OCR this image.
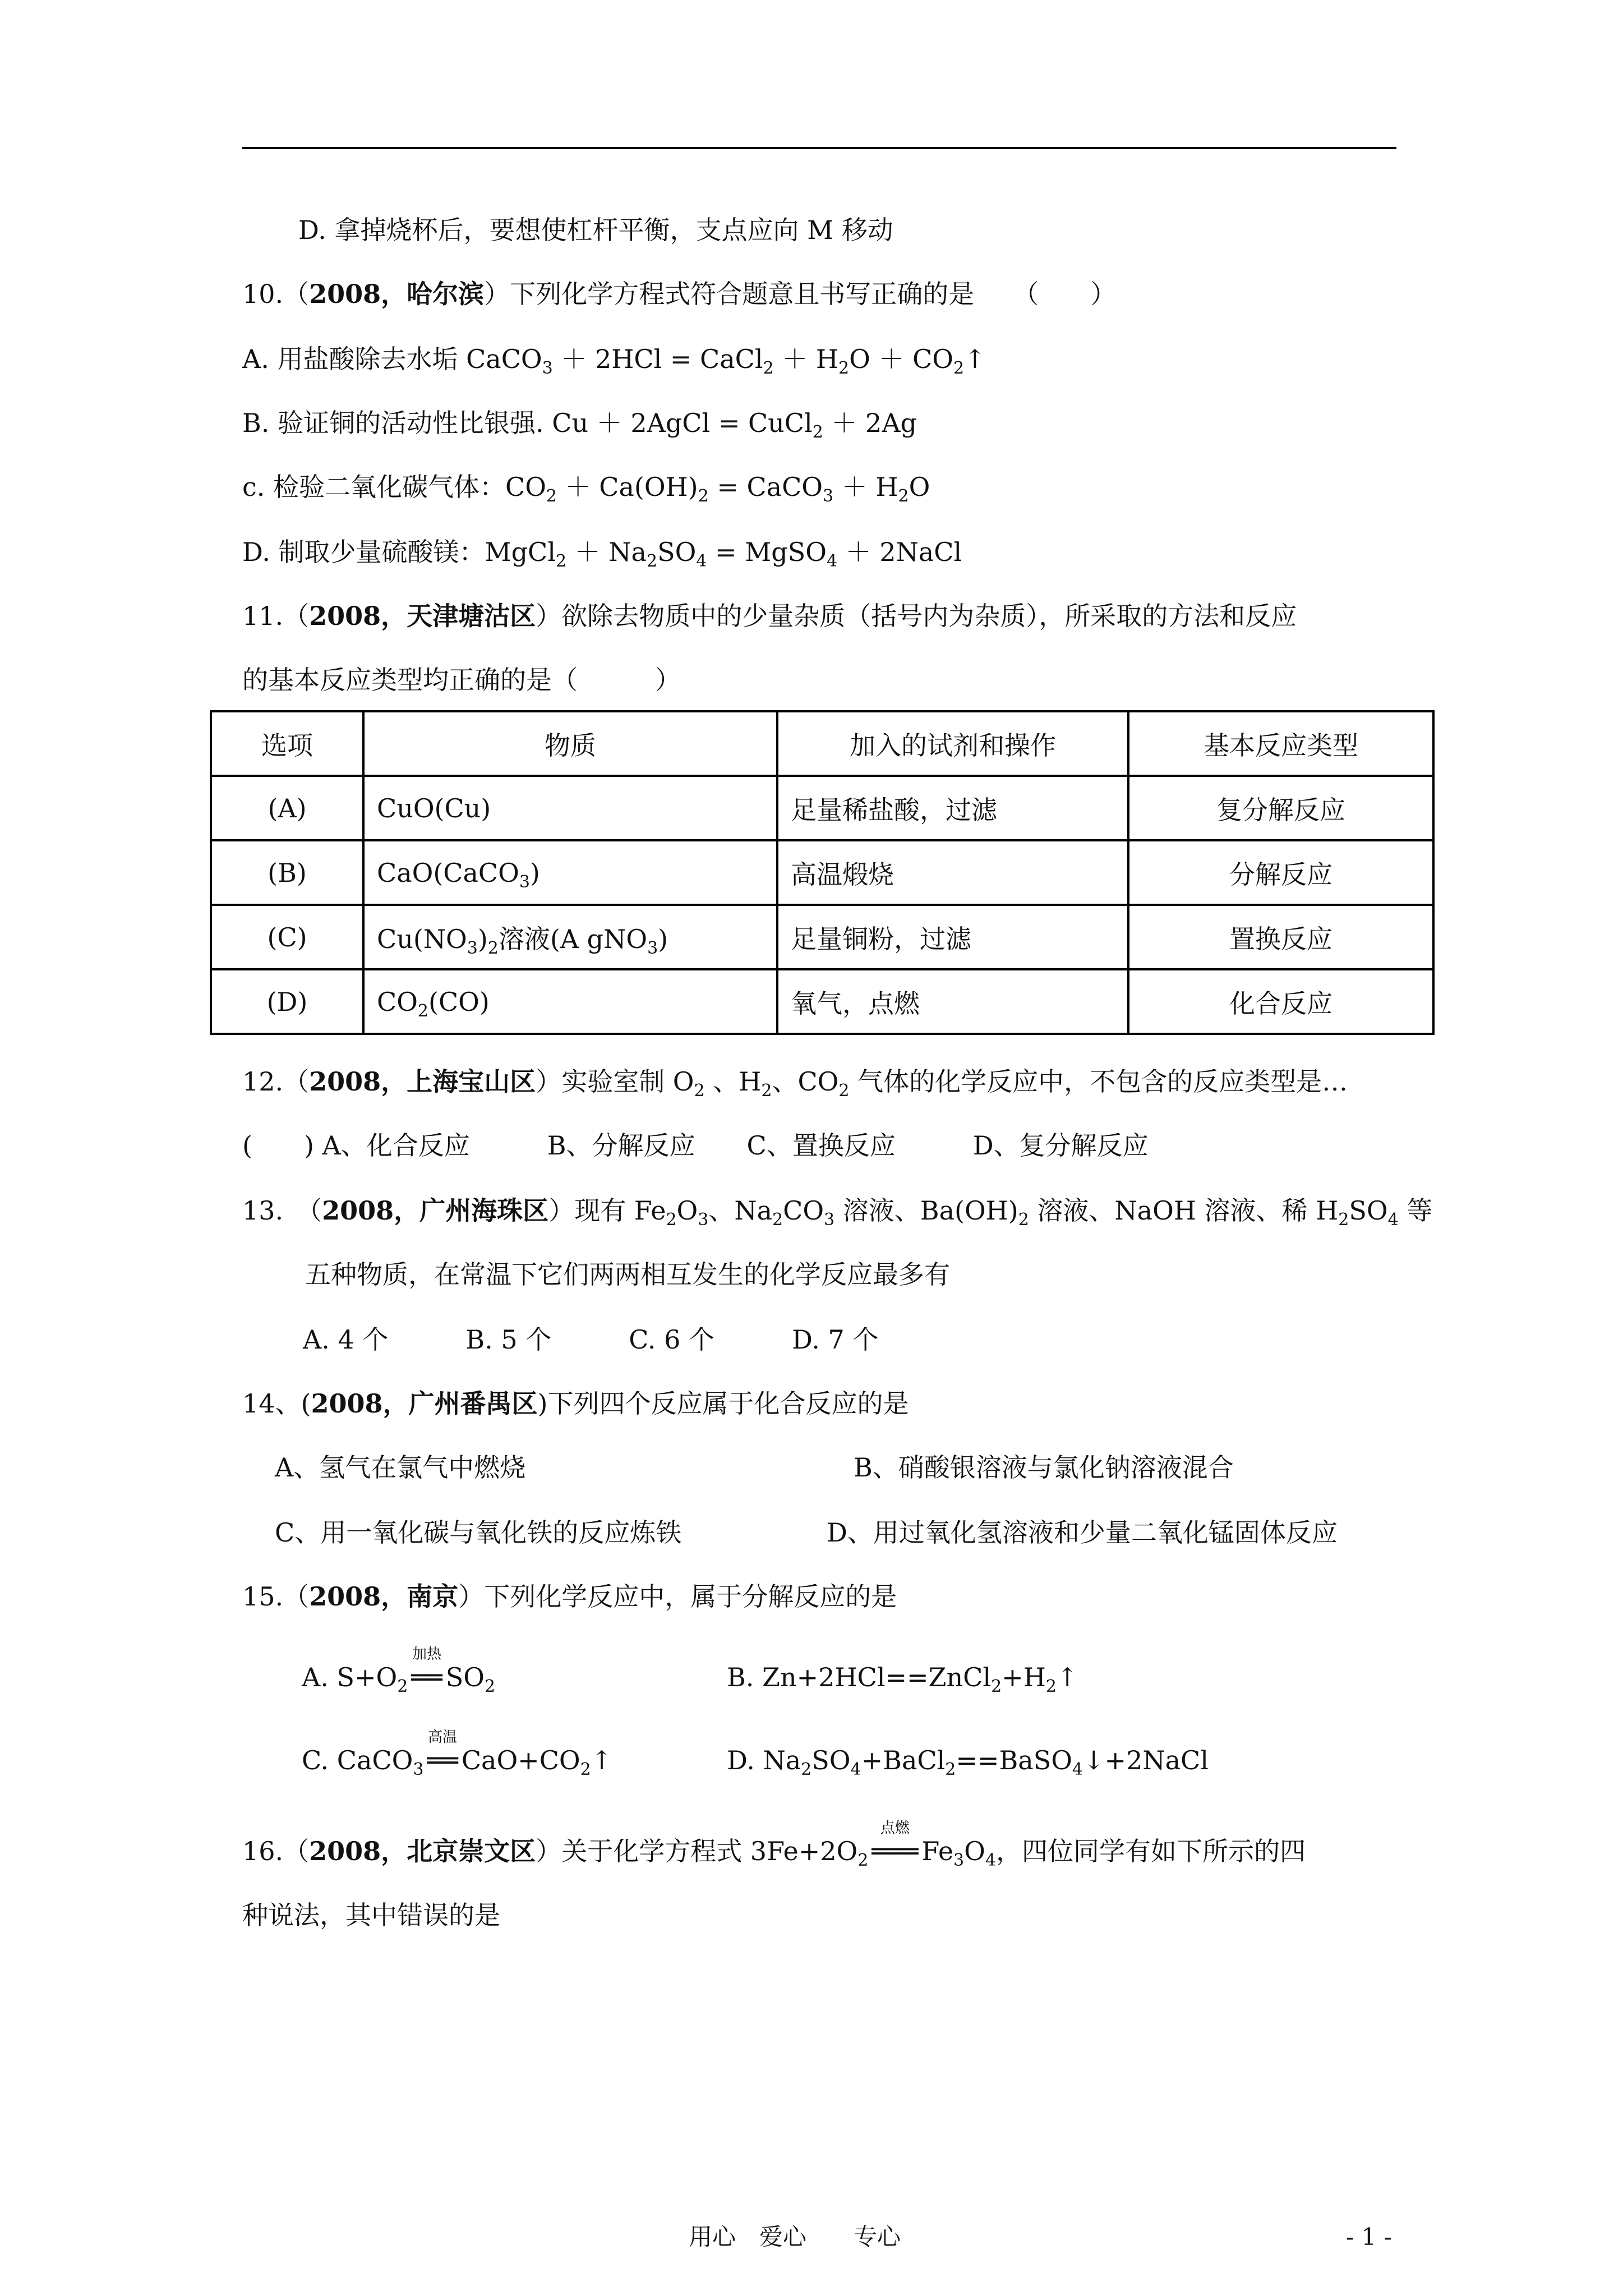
D. 拿掉烧杯后，要想使杠杆平衡，支点应向 M 移动
10.（2008，哈尔滨）下列化学方程式符合题意且书写正确的是　　（　　）
A. 用盐酸除去水垢 CaCO$_3$ ＋ 2HCl = CaCl$_2$ ＋ $H_2O$ ＋ $CO_2↑$
B. 验证铜的活动性比银强. Cu ＋ 2AgCl = CuCl$_2$ ＋ 2Ag
c. 检验二氧化碳气体：$CO_2 + Ca(OH)_2$ = CaCO$_3$ ＋ $H_2O$
D. 制取少量硫酸镁：MgCl$_2$ ＋ $Na_2SO_4$ = MgSO$_4$ ＋ 2NaCl
11.（2008，天津塘沽区）欲除去物质中的少量杂质（括号内为杂质），所采取的方法和反应
的基本反应类型均正确的是（　　　）
选项	物质	加入的试剂和操作	基本反应类型
(A)	CuO(Cu)	足量稀盐酸，过滤	复分解反应
(B)	CaO(CaCO$_3$)	高温煅烧	分解反应
(C)	$Cu(NO_3)_2$溶液(A gNO$_3$)	足量铜粉，过滤	置换反应
(D)	$CO_2(CO)$	氧气，点燃	化合反应
12.（2008，上海宝山区）实验室制 $O_2$ 、$H_2$、$CO_2$ 气体的化学反应中，不包含的反应类型是…
(　　) A、化合反应　　　B、分解反应　　C、置换反应　　　D、复分解反应
13.　（2008，广州海珠区）现有 $Fe_2O_3$、$Na_2CO_3$ 溶液、$Ba(OH)_2$ 溶液、NaOH 溶液、稀 $H_2SO_4$ 等
五种物质，在常温下它们两两相互发生的化学反应最多有
A. 4 个　　　B. 5 个　　　C. 6 个　　　D. 7 个
14、(2008，广州番禺区)下列四个反应属于化合反应的是
A、氢气在氯气中燃烧	B、硝酸银溶液与氯化钠溶液混合
C、用一氧化碳与氧化铁的反应炼铁	D、用过氧化氢溶液和少量二氧化锰固体反应
15.（2008，南京）下列化学反应中，属于分解反应的是
A. $S+O_2$
加热
══ $SO_2$	B. $Zn+2HCl==ZnCl_2+H_2↑$
C. CaCO$_3$
高温
══ $CaO+CO_2↑$	D. $Na_2SO_4+BaCl_2==BaSO_4↓+2NaCl$
16.（2008，北京崇文区）关于化学方程式 $3Fe+2O_2$
点燃
═══ $Fe_3O_4$，四位同学有如下所示的四
种说法，其中错误的是
用心　爱心　　专心	- 1 -
